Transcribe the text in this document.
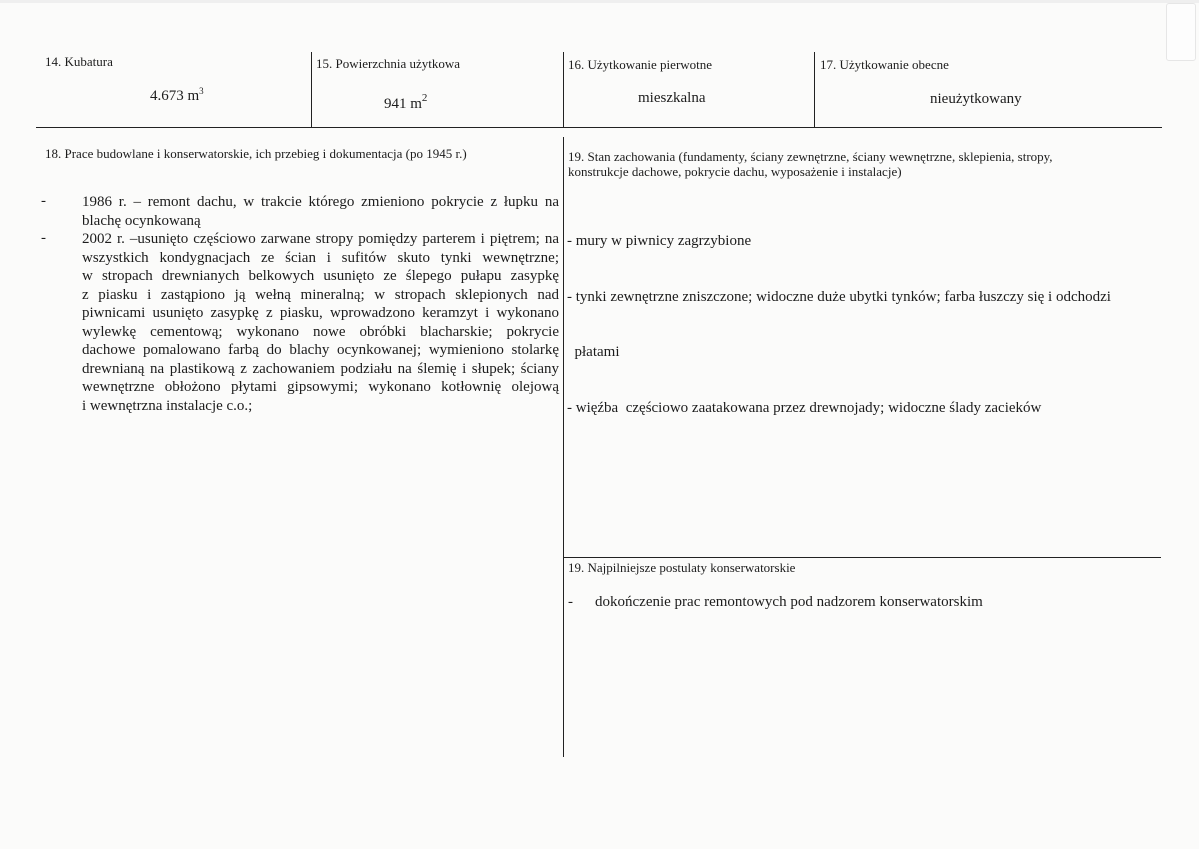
14. Kubatura
4.673 $m^3$
15. Powierzchnia użytkowa
941 $m^2$
16. Użytkowanie pierwotne
mieszkalna
17. Użytkowanie obecne
nieużytkowany
18. Prace budowlane i konserwatorskie, ich przebieg i dokumentacja (po 1945 r.)
- 1986 r. – remont dachu, w trakcie którego zmieniono pokrycie z łupku na
blachę ocynkowaną
- 2002 r. –usunięto częściowo zarwane stropy pomiędzy parterem i piętrem; na
wszystkich kondygnacjach ze ścian i sufitów skuto tynki wewnętrzne;
w stropach drewnianych belkowych usunięto ze ślepego pułapu zasypkę
z piasku i zastąpiono ją wełną mineralną; w stropach sklepionych nad
piwnicami usunięto zasypkę z piasku, wprowadzono keramzyt i wykonano
wylewkę cementową; wykonano nowe obróbki blacharskie; pokrycie
dachowe pomalowano farbą do blachy ocynkowanej; wymieniono stolarkę
drewnianą na plastikową z zachowaniem podziału na ślemię i słupek; ściany
wewnętrzne obłożono płytami gipsowymi; wykonano kotłownię olejową
i wewnętrzna instalacje c.o.;
19. Stan zachowania (fundamenty, ściany zewnętrzne, ściany wewnętrzne, sklepienia, stropy,
konstrukcje dachowe, pokrycie dachu, wyposażenie i instalacje)

- mury w piwnicy zagrzybione

- tynki zewnętrzne zniszczone; widoczne duże ubytki tynków; farba łuszczy się i odchodzi

płatami

- więźba  częściowo zaatakowana przez drewnojady; widoczne ślady zacieków

19. Najpilniejsze postulaty konserwatorskie
- dokończenie prac remontowych pod nadzorem konserwatorskim
